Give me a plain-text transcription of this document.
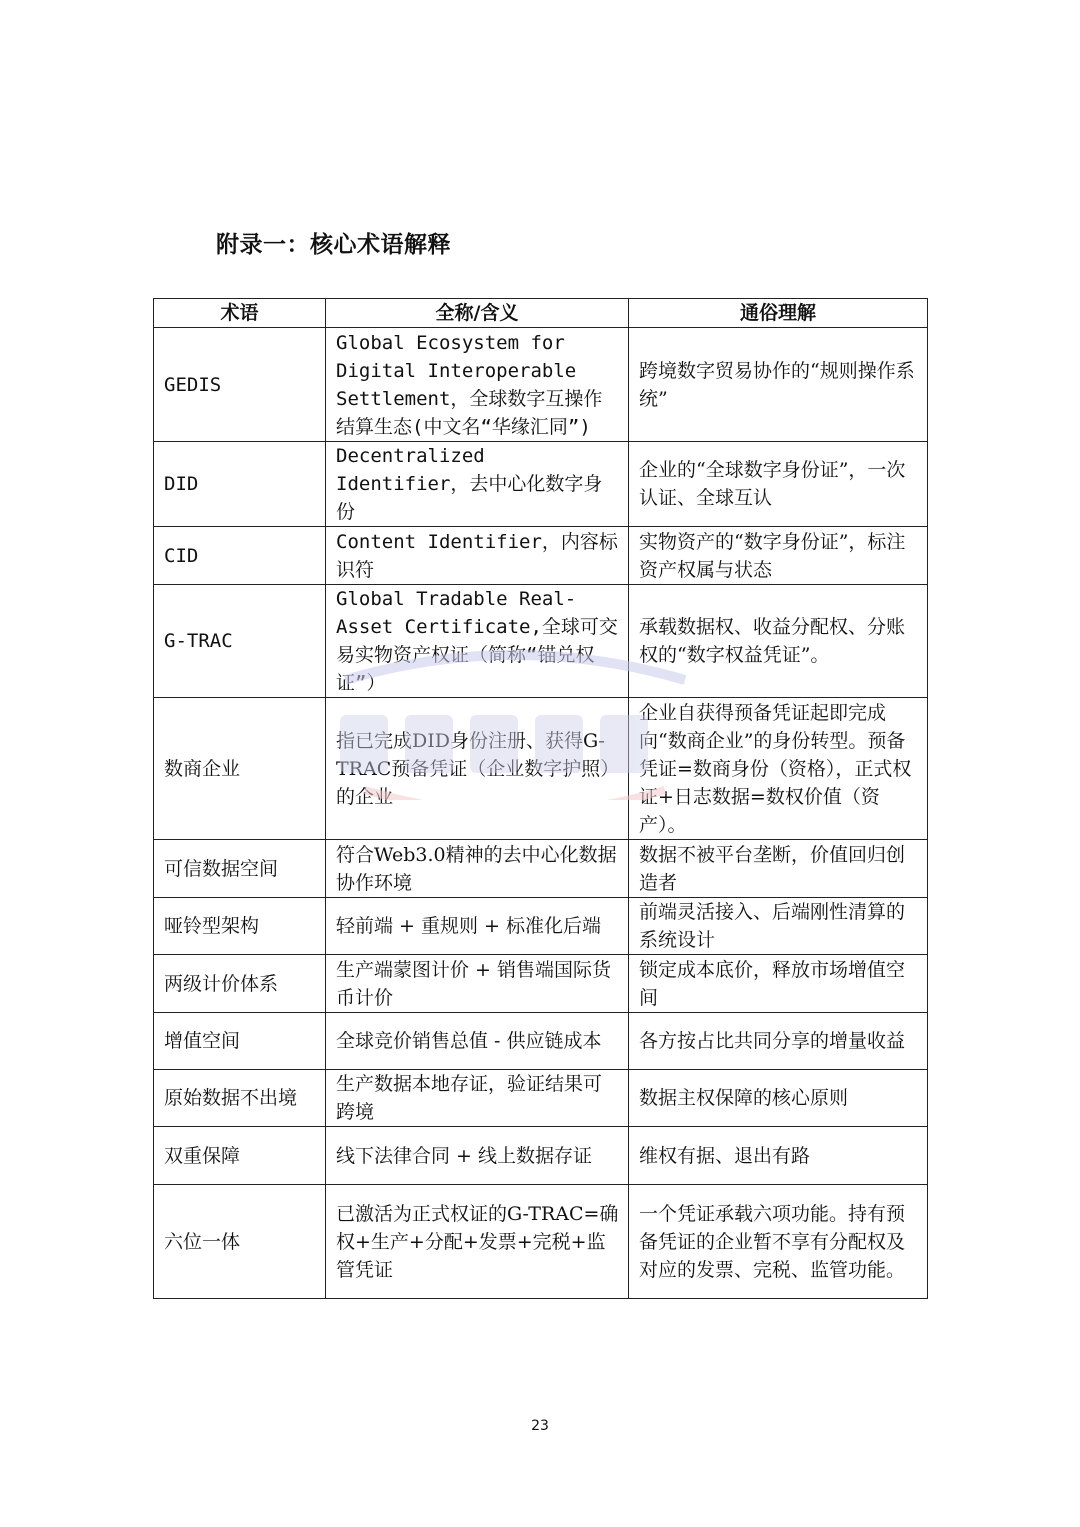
附录一：核心术语解释
术语	全称/含义	通俗理解
GEDIS	Global Ecosystem for Digital Interoperable Settlement，全球数字互操作结算生态(中文名“华缘汇同”)	跨境数字贸易协作的“规则操作系统”
DID	Decentralized Identifier，去中心化数字身份	企业的“全球数字身份证”，一次认证、全球互认
CID	Content Identifier，内容标识符	实物资产的“数字身份证”，标注资产权属与状态
G-TRAC	Global Tradable Real-Asset Certificate,全球可交易实物资产权证（简称“锚兑权证”）	承载数据权、收益分配权、分账权的“数字权益凭证”。
数商企业	指已完成DID身份注册、获得G-TRAC预备凭证（企业数字护照）的企业	企业自获得预备凭证起即完成向“数商企业”的身份转型。预备凭证=数商身份（资格），正式权证+日志数据=数权价值（资产）。
可信数据空间	符合Web3.0精神的去中心化数据协作环境	数据不被平台垄断，价值回归创造者
哑铃型架构	轻前端 + 重规则 + 标准化后端	前端灵活接入、后端刚性清算的系统设计
两级计价体系	生产端蒙图计价 + 销售端国际货币计价	锁定成本底价，释放市场增值空间
增值空间	全球竞价销售总值 - 供应链成本	各方按占比共同分享的增量收益
原始数据不出境	生产数据本地存证，验证结果可跨境	数据主权保障的核心原则
双重保障	线下法律合同 + 线上数据存证	维权有据、退出有路
六位一体	已激活为正式权证的G-TRAC=确权+生产+分配+发票+完税+监管凭证	一个凭证承载六项功能。持有预备凭证的企业暂不享有分配权及对应的发票、完税、监管功能。
23
